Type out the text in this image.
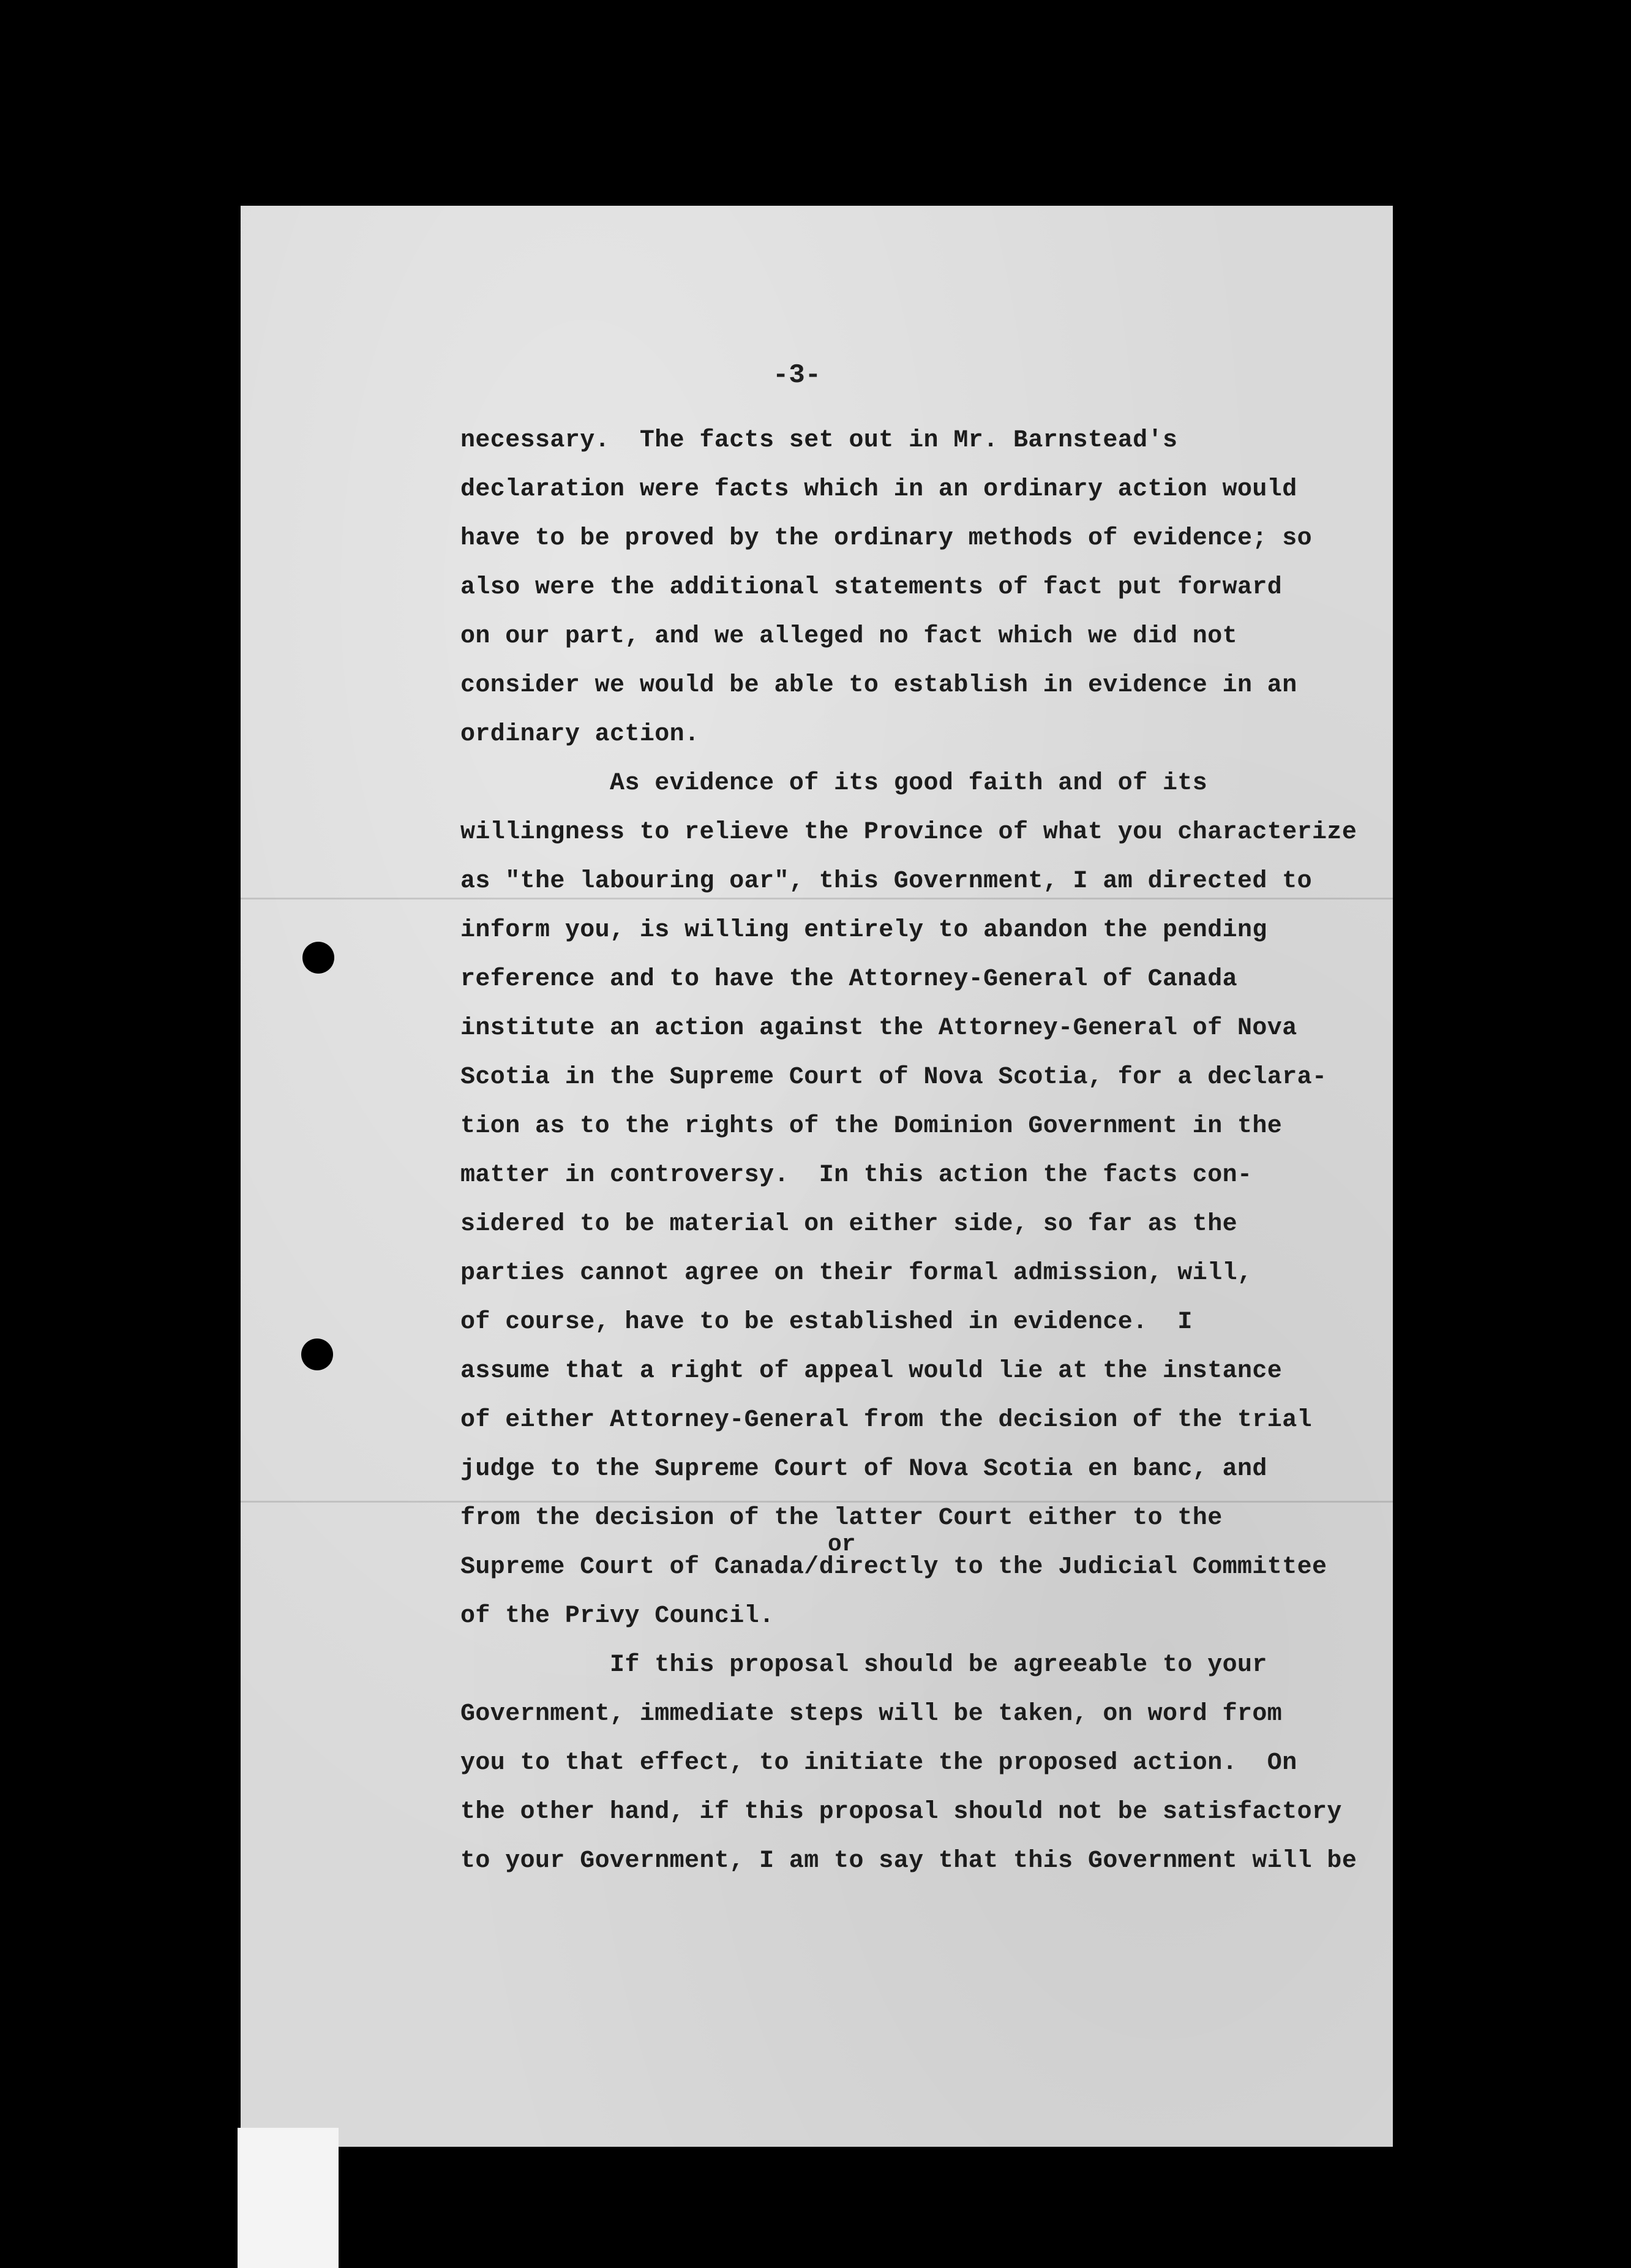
-3-
necessary.  The facts set out in Mr. Barnstead's
declaration were facts which in an ordinary action would
have to be proved by the ordinary methods of evidence; so
also were the additional statements of fact put forward
on our part, and we alleged no fact which we did not
consider we would be able to establish in evidence in an
ordinary action.
As evidence of its good faith and of its
willingness to relieve the Province of what you characterize
as "the labouring oar", this Government, I am directed to
inform you, is willing entirely to abandon the pending
reference and to have the Attorney-General of Canada
institute an action against the Attorney-General of Nova
Scotia in the Supreme Court of Nova Scotia, for a declara-
tion as to the rights of the Dominion Government in the
matter in controversy.  In this action the facts con-
sidered to be material on either side, so far as the
parties cannot agree on their formal admission, will,
of course, have to be established in evidence.  I
assume that a right of appeal would lie at the instance
of either Attorney-General from the decision of the trial
judge to the Supreme Court of Nova Scotia en banc, and
from the decision of the latter Court either to the
or
Supreme Court of Canada/directly to the Judicial Committee
of the Privy Council.
If this proposal should be agreeable to your
Government, immediate steps will be taken, on word from
you to that effect, to initiate the proposed action.  On
the other hand, if this proposal should not be satisfactory
to your Government, I am to say that this Government will be
